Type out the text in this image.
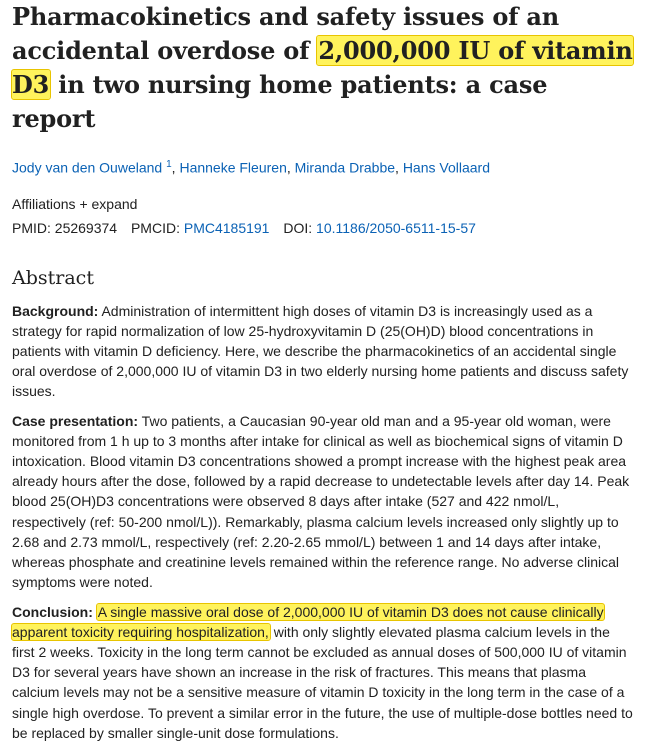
Pharmacokinetics and safety issues of an accidental overdose of 2,000,000 IU of vitamin D3 in two nursing home patients: a case report
Jody van den Ouweland $^1$, Hanneke Fleuren, Miranda Drabbe, Hans Vollaard
Affiliations + expand
PMID: 25269374 PMCID: PMC4185191 DOI: 10.1186/2050-6511-15-57
Abstract

Background: Administration of intermittent high doses of vitamin D3 is increasingly used as a strategy for rapid normalization of low 25-hydroxyvitamin D (25(OH)D) blood concentrations in patients with vitamin D deficiency. Here, we describe the pharmacokinetics of an accidental single oral overdose of 2,000,000 IU of vitamin D3 in two elderly nursing home patients and discuss safety issues.

Case presentation: Two patients, a Caucasian 90-year old man and a 95-year old woman, were monitored from 1 h up to 3 months after intake for clinical as well as biochemical signs of vitamin D intoxication. Blood vitamin D3 concentrations showed a prompt increase with the highest peak area already hours after the dose, followed by a rapid decrease to undetectable levels after day 14. Peak blood 25(OH)D3 concentrations were observed 8 days after intake (527 and 422 nmol/L, respectively (ref: 50-200 nmol/L)). Remarkably, plasma calcium levels increased only slightly up to 2.68 and 2.73 mmol/L, respectively (ref: 2.20-2.65 mmol/L) between 1 and 14 days after intake, whereas phosphate and creatinine levels remained within the reference range. No adverse clinical symptoms were noted.

Conclusion: A single massive oral dose of 2,000,000 IU of vitamin D3 does not cause clinically apparent toxicity requiring hospitalization, with only slightly elevated plasma calcium levels in the first 2 weeks. Toxicity in the long term cannot be excluded as annual doses of 500,000 IU of vitamin D3 for several years have shown an increase in the risk of fractures. This means that plasma calcium levels may not be a sensitive measure of vitamin D toxicity in the long term in the case of a single high overdose. To prevent a similar error in the future, the use of multiple-dose bottles need to be replaced by smaller single-unit dose formulations.
